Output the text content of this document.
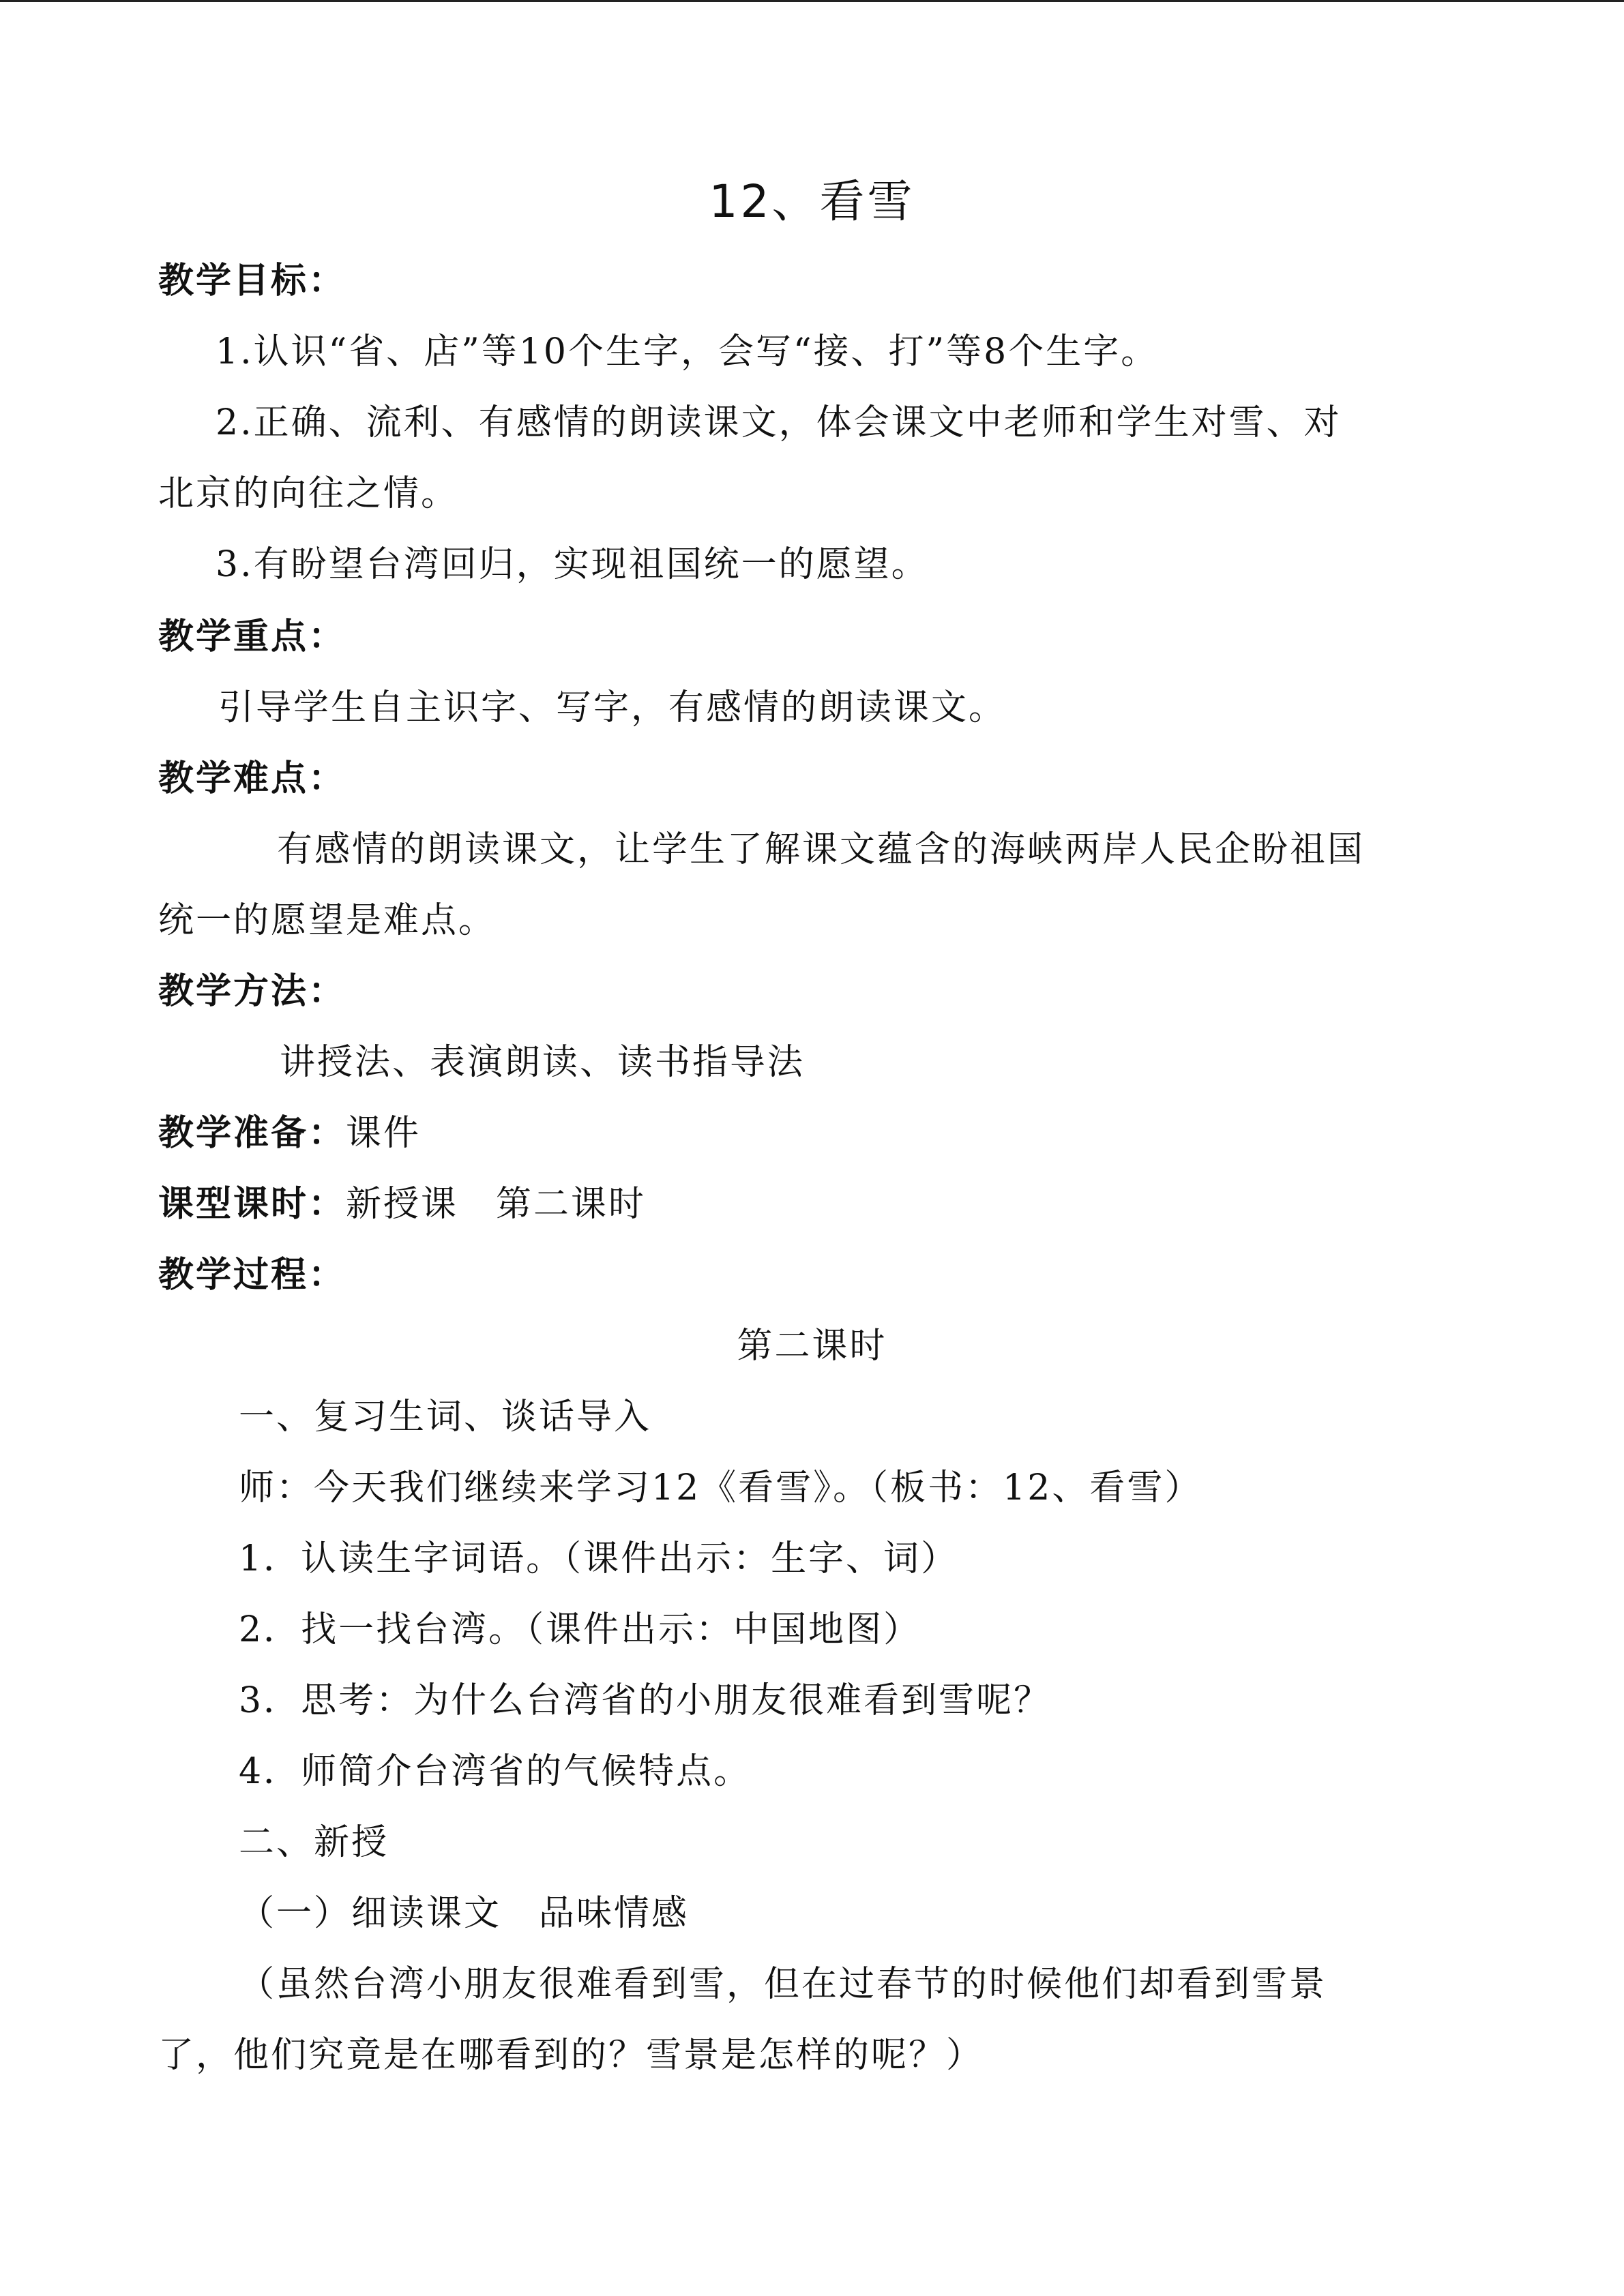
12、看雪
教学目标：
1.认识“省、店”等10个生字，会写“接、打”等8个生字。
2.正确、流利、有感情的朗读课文，体会课文中老师和学生对雪、对
北京的向往之情。
3.有盼望台湾回归，实现祖国统一的愿望。
教学重点：
引导学生自主识字、写字，有感情的朗读课文。
教学难点：
有感情的朗读课文，让学生了解课文蕴含的海峡两岸人民企盼祖国
统一的愿望是难点。
教学方法：
讲授法、表演朗读、读书指导法
教学准备：课件
课型课时：新授课　第二课时
教学过程：
第二课时
一、复习生词、谈话导入
师：今天我们继续来学习12《看雪》。（板书：12、看雪）
1．认读生字词语。（课件出示：生字、词）
2．找一找台湾。（课件出示：中国地图）
3．思考：为什么台湾省的小朋友很难看到雪呢？
4．师简介台湾省的气候特点。
二、新授
（一）细读课文　品味情感
（虽然台湾小朋友很难看到雪，但在过春节的时候他们却看到雪景
了，他们究竟是在哪看到的？雪景是怎样的呢？）
